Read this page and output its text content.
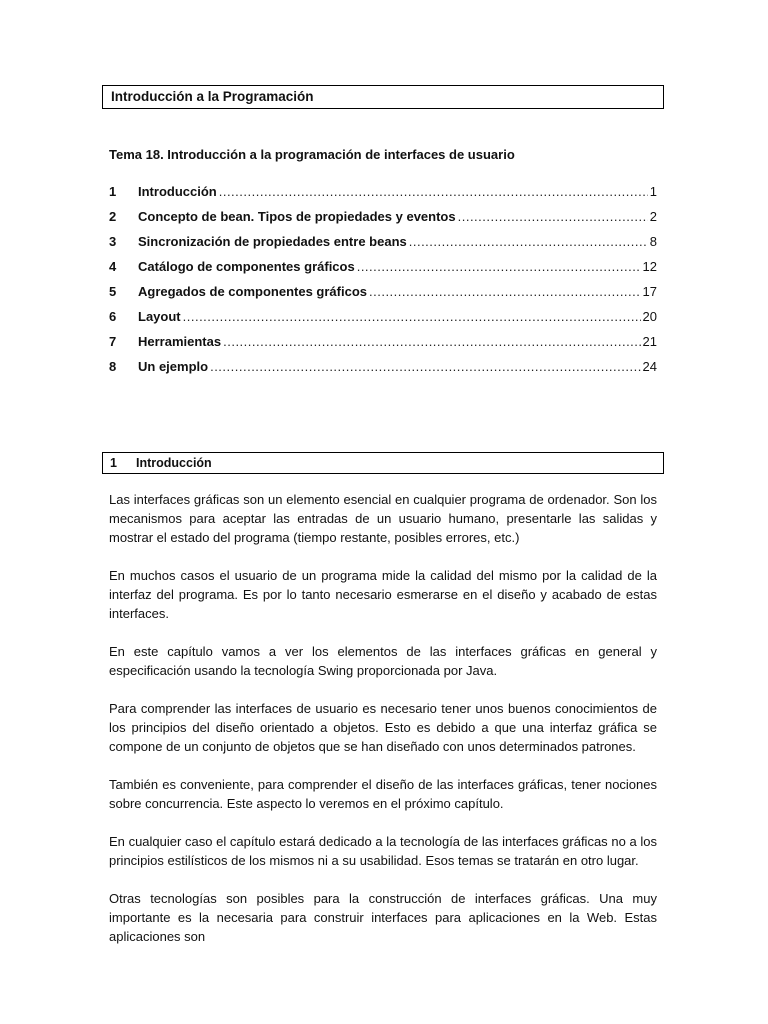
Introducción a la Programación
Tema 18. Introducción a la programación de interfaces de usuario
1	Introducción .....	1
2	Concepto de bean. Tipos de propiedades y eventos .....	2
3	Sincronización de propiedades entre beans .....	8
4	Catálogo de componentes gráficos .....	12
5	Agregados de componentes gráficos .....	17
6	Layout .....	20
7	Herramientas .....	21
8	Un ejemplo .....	24
1 Introducción

Las interfaces gráficas son un elemento esencial en cualquier programa de ordenador. Son los mecanismos para aceptar las entradas de un usuario humano, presentarle las salidas y mostrar el estado del programa (tiempo restante, posibles errores, etc.)

En muchos casos el usuario de un programa mide la calidad del mismo por la calidad de la interfaz del programa. Es por lo tanto necesario esmerarse en el diseño y acabado de estas interfaces.

En este capítulo vamos a ver los elementos de las interfaces gráficas en general y especificación usando la tecnología Swing proporcionada por Java.

Para comprender las interfaces de usuario es necesario tener unos buenos conocimientos de los principios del diseño orientado a objetos. Esto es debido a que una interfaz gráfica se compone de un conjunto de objetos que se han diseñado con unos determinados patrones.

También es conveniente, para comprender el diseño de las interfaces gráficas, tener nociones sobre concurrencia. Este aspecto lo veremos en el próximo capítulo.

En cualquier caso el capítulo estará dedicado a la tecnología de las interfaces gráficas no a los principios estilísticos de los mismos ni a su usabilidad. Esos temas se tratarán en otro lugar.

Otras tecnologías son posibles para la construcción de interfaces gráficas. Una muy importante es la necesaria para construir interfaces para aplicaciones en la Web. Estas aplicaciones son
